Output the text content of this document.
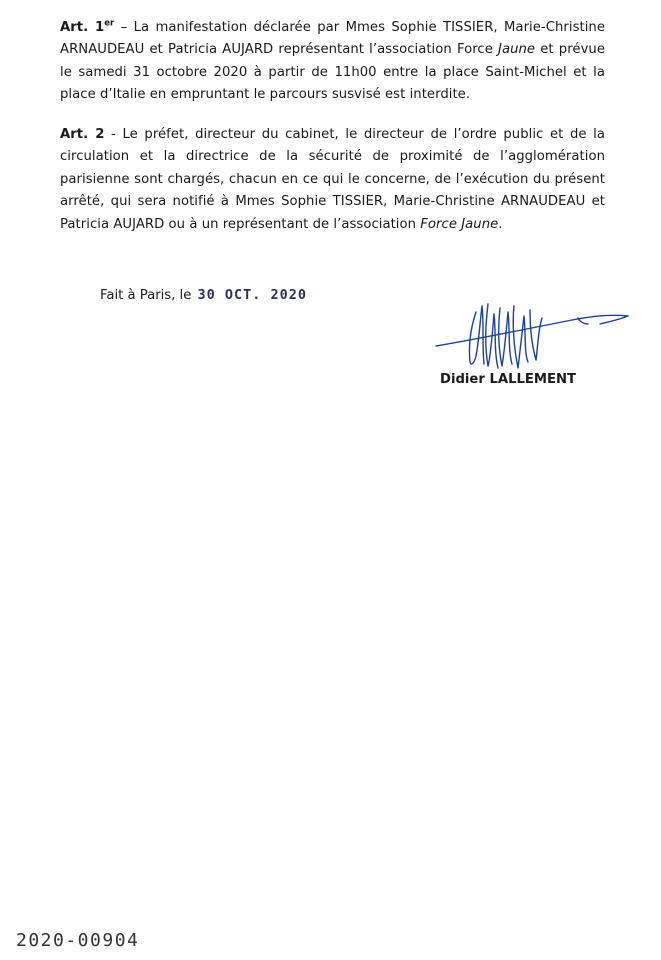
Art. 1er – La manifestation déclarée par Mmes Sophie TISSIER, Marie-Christine ARNAUDEAU et Patricia AUJARD représentant l’association Force Jaune et prévue le samedi 31 octobre 2020 à partir de 11h00 entre la place Saint-Michel et la place d’Italie en empruntant le parcours susvisé est interdite.

Art. 2 - Le préfet, directeur du cabinet, le directeur de l’ordre public et de la circulation et la directrice de la sécurité de proximité de l’agglomération parisienne sont chargés, chacun en ce qui le concerne, de l’exécution du présent arrêté, qui sera notifié à Mmes Sophie TISSIER, Marie-Christine ARNAUDEAU et Patricia AUJARD ou à un représentant de l’association Force Jaune.

Fait à Paris, le 30 OCT. 2020
Didier LALLEMENT
2020-00904
